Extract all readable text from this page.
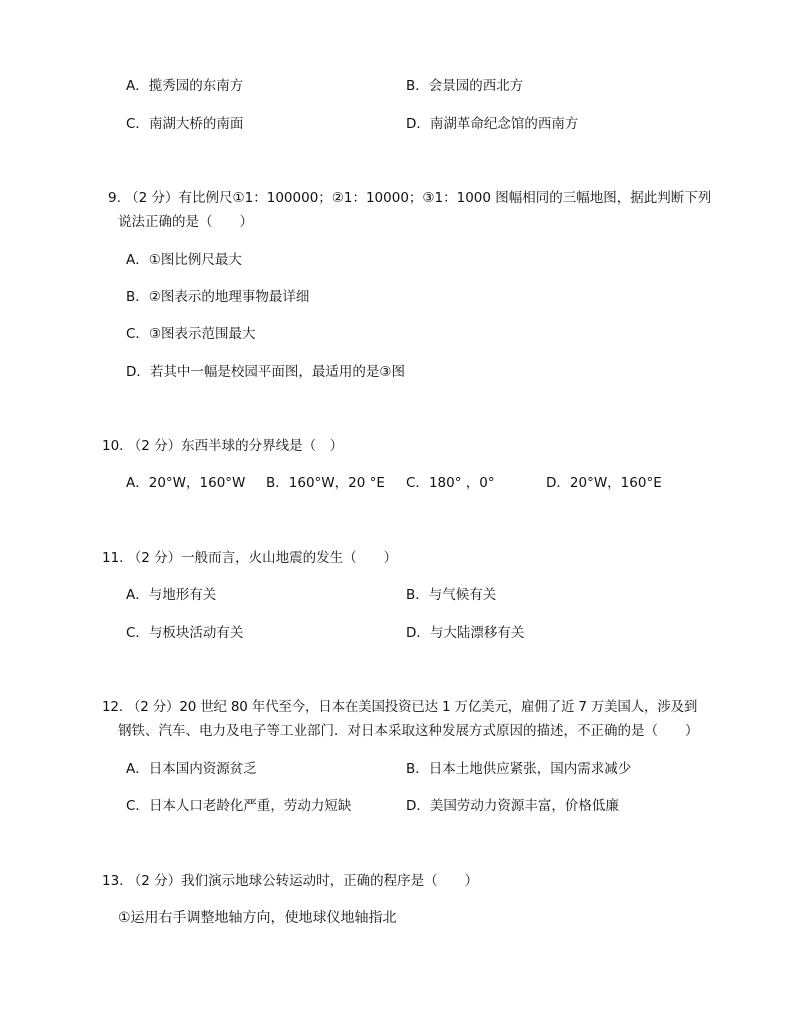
A．揽秀园的东南方	B．会景园的西北方
C．南湖大桥的南面	D．南湖革命纪念馆的西南方
9. （2 分）有比例尺①1：100000；②1：10000；③1：1000 图幅相同的三幅地图，据此判断下列
说法正确的是（　　）
A．①图比例尺最大
B．②图表示的地理事物最详细
C．③图表示范围最大
D．若其中一幅是校园平面图，最适用的是③图
10. （2 分）东西半球的分界线是（　）
A．20°W，160°W B．160°W，20 °E C．180° ，0°	D．20°W，160°E
11. （2 分）一般而言，火山地震的发生（　　）
A．与地形有关	B．与气候有关
C．与板块活动有关	D．与大陆漂移有关
12. （2 分）20 世纪 80 年代至今，日本在美国投资已达 1 万亿美元，雇佣了近 7 万美国人，涉及到
钢铁、汽车、电力及电子等工业部门．对日本采取这种发展方式原因的描述，不正确的是（　　）
A．日本国内资源贫乏	B．日本土地供应紧张，国内需求减少
C．日本人口老龄化严重，劳动力短缺	D．美国劳动力资源丰富，价格低廉
13. （2 分）我们演示地球公转运动时，正确的程序是（　　）
①运用右手调整地轴方向，使地球仪地轴指北
